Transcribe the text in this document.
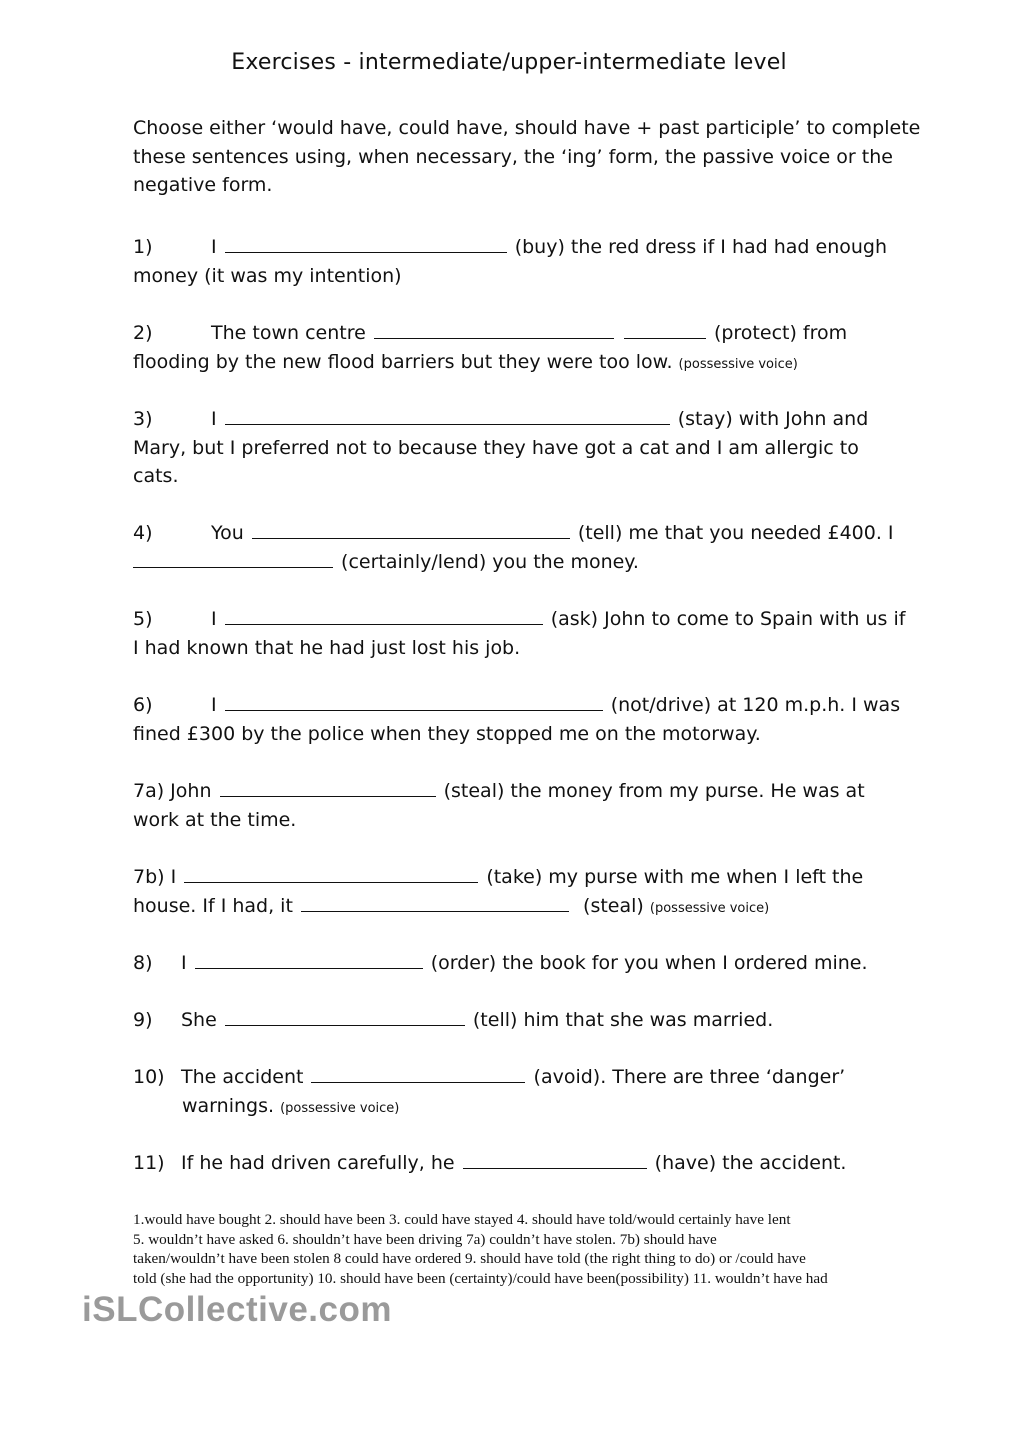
Exercises - intermediate/upper-intermediate level
Choose either ‘would have, could have, should have + past participle’ to complete these sentences using, when necessary, the ‘ing’ form, the passive voice or the negative form.
1)	I	(buy) the red dress if I had had enough
money (it was my intention)
2)	The town centre	(protect) from
flooding by the new flood barriers but they were too low. (possessive voice)
3)	I	(stay) with John and
Mary, but I preferred not to because they have got a cat and I am allergic to
cats.
4)	You	(tell) me that you needed £400. I
(certainly/lend) you the money.
5)	I	(ask) John to come to Spain with us if
I had known that he had just lost his job.
6)	I	(not/drive) at 120 m.p.h. I was
fined £300 by the police when they stopped me on the motorway.
7a) John	(steal) the money from my purse. He was at
work at the time.
7b) I	(take) my purse with me when I left the
house. If I had, it	(steal) (possessive voice)
8) I	(order) the book for you when I ordered mine.
9) She	(tell) him that she was married.
10) The accident	(avoid). There are three ‘danger’
warnings. (possessive voice)
11) If he had driven carefully, he	(have) the accident.
1.would have bought 2. should have been 3. could have stayed 4. should have told/would certainly have lent
5. wouldn’t have asked 6. shouldn’t have been driving 7a) couldn’t have stolen. 7b) should have
taken/wouldn’t have been stolen 8 could have ordered 9. should have told (the right thing to do) or /could have
told (she had the opportunity) 10. should have been (certainty)/could have been(possibility) 11. wouldn’t have had
iSLCollective.com
